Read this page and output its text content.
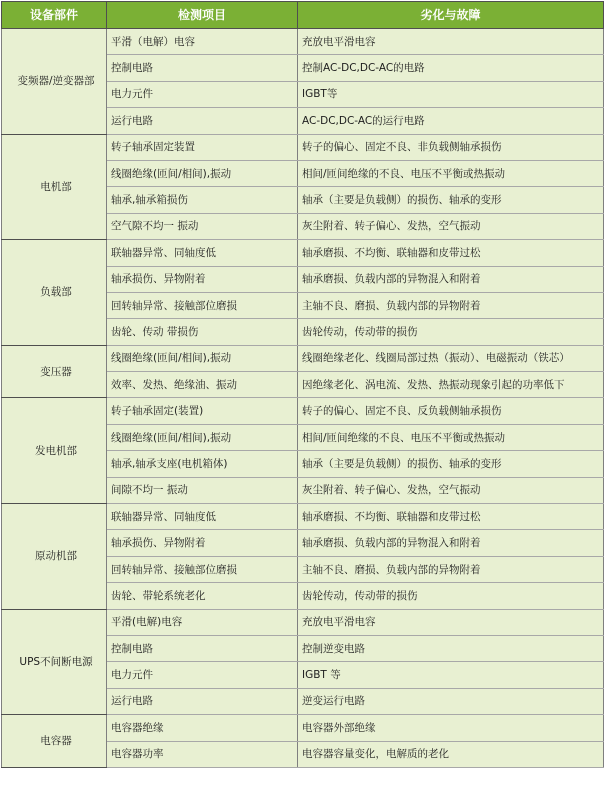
设备部件	检测项目	劣化与故障
变频器/逆变器部	平滑（电解）电容	充放电平滑电容
	控制电路	控制AC-DC,DC-AC的电路
	电力元件	IGBT等
	运行电路	AC-DC,DC-AC的运行电路
电机部	转子轴承固定装置	转子的偏心、固定不良、非负载侧轴承损伤
	线圈绝缘(匝间/相间),振动	相间/匝间绝缘的不良、电压不平衡或热振动
	轴承,轴承箱损伤	轴承（主要是负载侧）的损伤、轴承的变形
	空气隙不均一 振动	灰尘附着、转子偏心、发热，空气振动
负载部	联轴器异常、同轴度低	轴承磨损、不均衡、联轴器和皮带过松
	轴承损伤、异物附着	轴承磨损、负载内部的异物混入和附着
	回转轴异常、接触部位磨损	主轴不良、磨损、负载内部的异物附着
	齿轮、传动 带损伤	齿轮传动，传动带的损伤
变压器	线圈绝缘(匝间/相间),振动	线圈绝缘老化、线圈局部过热（振动）、电磁振动（铁芯）
	效率、发热、绝缘油、振动	因绝缘老化、涡电流、发热、热振动现象引起的功率低下
发电机部	转子轴承固定(装置)	转子的偏心、固定不良、反负载侧轴承损伤
	线圈绝缘(匝间/相间),振动	相间/匝间绝缘的不良、电压不平衡或热振动
	轴承,轴承支座(电机箱体)	轴承（主要是负载侧）的损伤、轴承的变形
	间隙不均一 振动	灰尘附着、转子偏心、发热，空气振动
原动机部	联轴器异常、同轴度低	轴承磨损、不均衡、联轴器和皮带过松
	轴承损伤、异物附着	轴承磨损、负载内部的异物混入和附着
	回转轴异常、接触部位磨损	主轴不良、磨损、负载内部的异物附着
	齿轮、带轮系统老化	齿轮传动，传动带的损伤
UPS不间断电源	平滑(电解)电容	充放电平滑电容
	控制电路	控制逆变电路
	电力元件	IGBT 等
	运行电路	逆变运行电路
电容器	电容器绝缘	电容器外部绝缘
	电容器功率	电容器容量变化，电解质的老化
